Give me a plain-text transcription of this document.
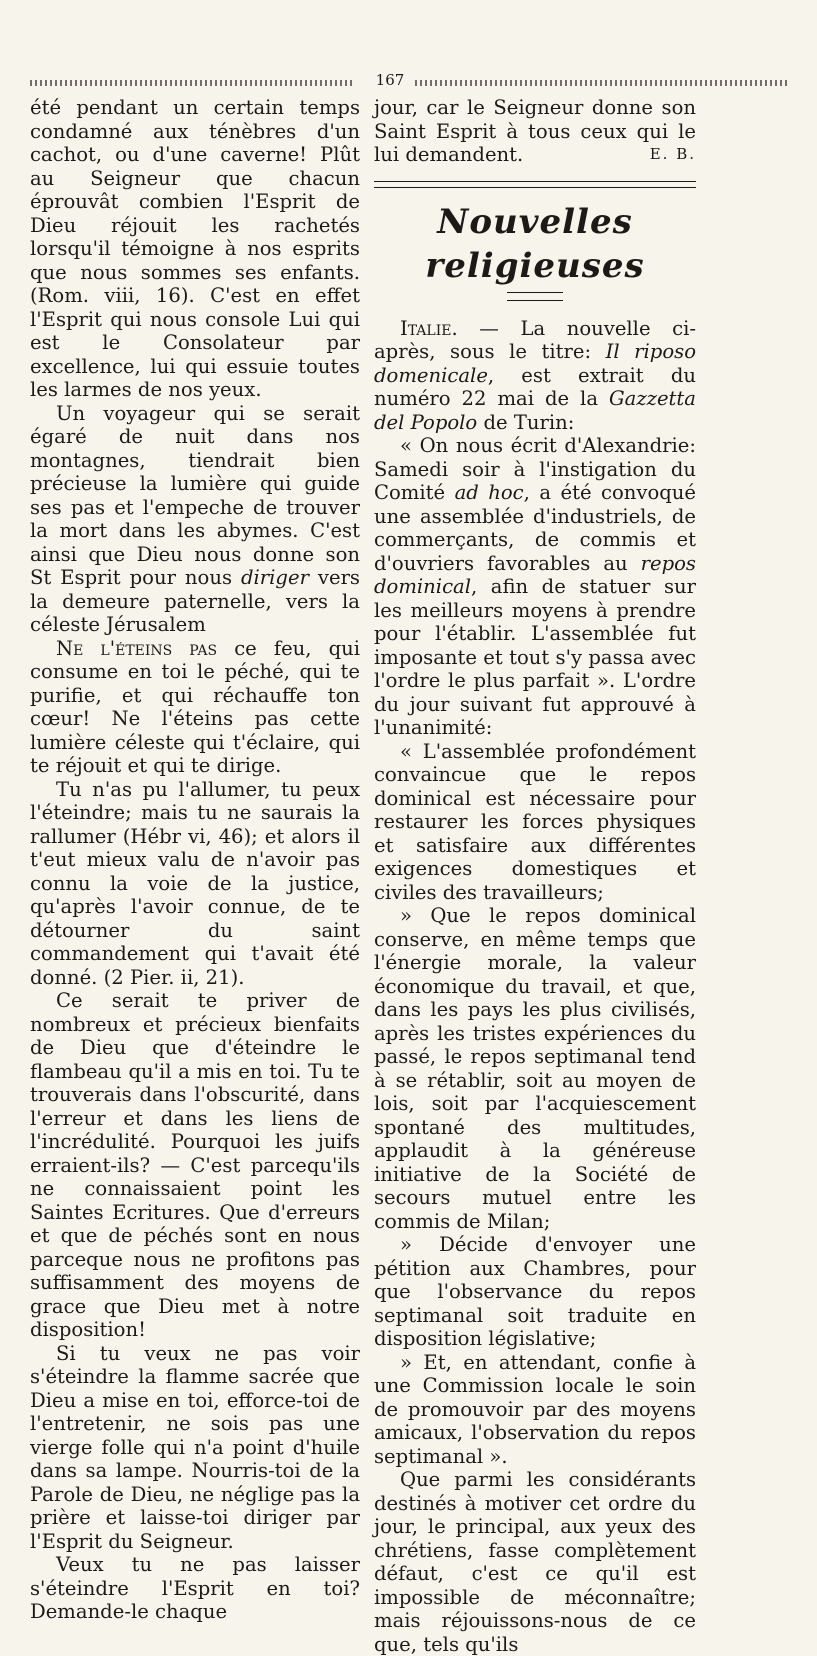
167

été pendant un certain temps condamné aux ténèbres d'un cachot, ou d'une caverne! Plût au Seigneur que chacun éprouvât combien l'Esprit de Dieu réjouit les rachetés lorsqu'il témoigne à nos esprits que nous sommes ses enfants. (Rom. viii, 16). C'est en effet l'Esprit qui nous console Lui qui est le Consolateur par excellence, lui qui essuie toutes les larmes de nos yeux.

Un voyageur qui se serait égaré de nuit dans nos montagnes, tiendrait bien précieuse la lumière qui guide ses pas et l'empeche de trouver la mort dans les abymes. C'est ainsi que Dieu nous donne son St Esprit pour nous diriger vers la demeure paternelle, vers la céleste Jérusalem

Ne l'éteins pas ce feu, qui consume en toi le péché, qui te purifie, et qui réchauffe ton cœur! Ne l'éteins pas cette lumière céleste qui t'éclaire, qui te réjouit et qui te dirige.

Tu n'as pu l'allumer, tu peux l'éteindre; mais tu ne saurais la rallumer (Hébr vi, 46); et alors il t'eut mieux valu de n'avoir pas connu la voie de la justice, qu'après l'avoir connue, de te détourner du saint commandement qui t'avait été donné. (2 Pier. ii, 21).

Ce serait te priver de nombreux et précieux bienfaits de Dieu que d'éteindre le flambeau qu'il a mis en toi. Tu te trouverais dans l'obscurité, dans l'erreur et dans les liens de l'incrédulité. Pourquoi les juifs erraient-ils? — C'est parcequ'ils ne connaissaient point les Saintes Ecritures. Que d'erreurs et que de péchés sont en nous parceque nous ne profitons pas suffisamment des moyens de grace que Dieu met à notre disposition!

Si tu veux ne pas voir s'éteindre la flamme sacrée que Dieu a mise en toi, efforce-toi de l'entretenir, ne sois pas une vierge folle qui n'a point d'huile dans sa lampe. Nourris-toi de la Parole de Dieu, ne néglige pas la prière et laisse-toi diriger par l'Esprit du Seigneur.

Veux tu ne pas laisser s'éteindre l'Esprit en toi? Demande-le chaque

jour, car le Seigneur donne son Saint Esprit à tous ceux qui le lui demandent.	E. B.

Nouvelles religieuses

Italie. — La nouvelle ci-après, sous le titre: Il riposo domenicale, est extrait du numéro 22 mai de la Gazzetta del Popolo de Turin:

« On nous écrit d'Alexandrie: Samedi soir à l'instigation du Comité ad hoc, a été convoqué une assemblée d'industriels, de commerçants, de commis et d'ouvriers favorables au repos dominical, afin de statuer sur les meilleurs moyens à prendre pour l'établir. L'assemblée fut imposante et tout s'y passa avec l'ordre le plus parfait ». L'ordre du jour suivant fut approuvé à l'unanimité:

« L'assemblée profondément convaincue que le repos dominical est nécessaire pour restaurer les forces physiques et satisfaire aux différentes exigences domestiques et civiles des travailleurs;

» Que le repos dominical conserve, en même temps que l'énergie morale, la valeur économique du travail, et que, dans les pays les plus civilisés, après les tristes expériences du passé, le repos septimanal tend à se rétablir, soit au moyen de lois, soit par l'acquiescement spontané des multitudes, applaudit à la généreuse initiative de la Société de secours mutuel entre les commis de Milan;

» Décide d'envoyer une pétition aux Chambres, pour que l'observance du repos septimanal soit traduite en disposition législative;

» Et, en attendant, confie à une Commission locale le soin de promouvoir par des moyens amicaux, l'observation du repos septimanal ».

Que parmi les considérants destinés à motiver cet ordre du jour, le principal, aux yeux des chrétiens, fasse complètement défaut, c'est ce qu'il est impossible de méconnaître; mais réjouissons-nous de ce que, tels qu'ils
